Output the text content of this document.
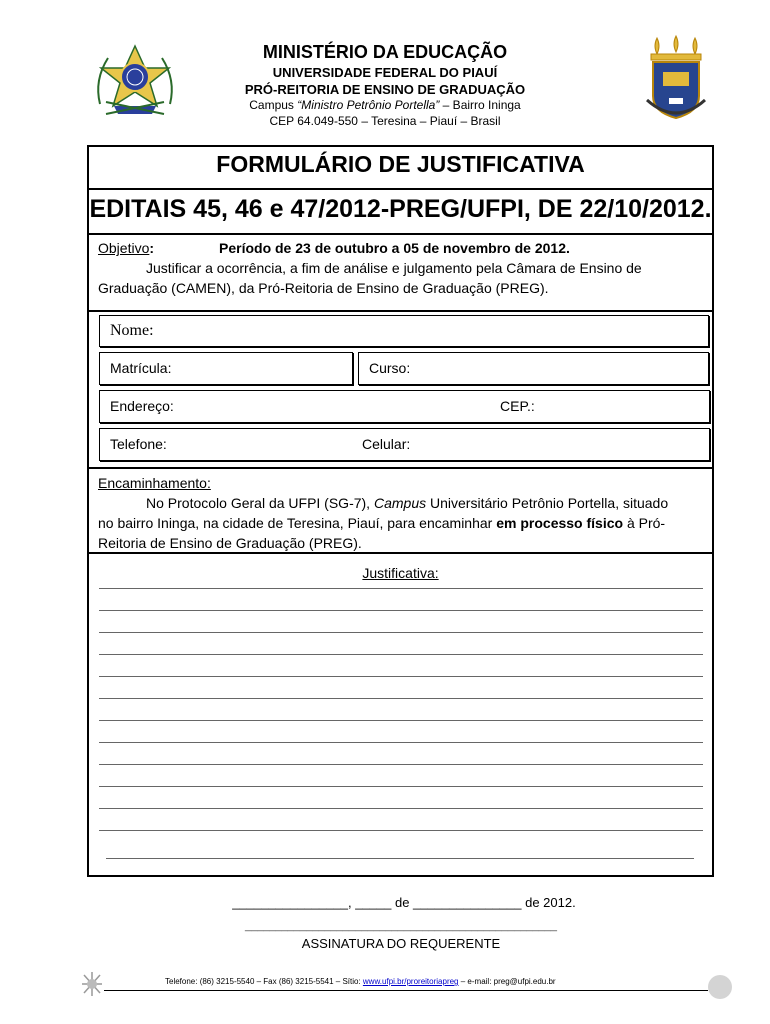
MINISTÉRIO DA EDUCAÇÃO
UNIVERSIDADE FEDERAL DO PIAUÍ
PRÓ-REITORIA DE ENSINO DE GRADUAÇÃO
Campus “Ministro Petrônio Portella” – Bairro Ininga
CEP 64.049-550 – Teresina – Piauí – Brasil
FORMULÁRIO DE JUSTIFICATIVA
EDITAIS 45, 46 e 47/2012-PREG/UFPI, DE 22/10/2012.
Objetivo:	Período de 23 de outubro a 05 de novembro de 2012.
Justificar a ocorrência, a fim de análise e julgamento pela Câmara de Ensino de
Graduação (CAMEN), da Pró-Reitoria de Ensino de Graduação (PREG).
Nome:
Matrícula:	Curso:
Endereço:	CEP.:
Telefone:	Celular:
Encaminhamento:
No Protocolo Geral da UFPI (SG-7), Campus Universitário Petrônio Portella, situado
no bairro Ininga, na cidade de Teresina, Piauí, para encaminhar em processo físico à Pró-
Reitoria de Ensino de Graduação (PREG).
Justificativa:
________________, _____ de _______________ de 2012.
___________________________________________________
ASSINATURA DO REQUERENTE
Telefone: (86) 3215-5540 – Fax (86) 3215-5541 – Sítio: www.ufpi.br/proreitoriapreg – e-mail: preg@ufpi.edu.br
